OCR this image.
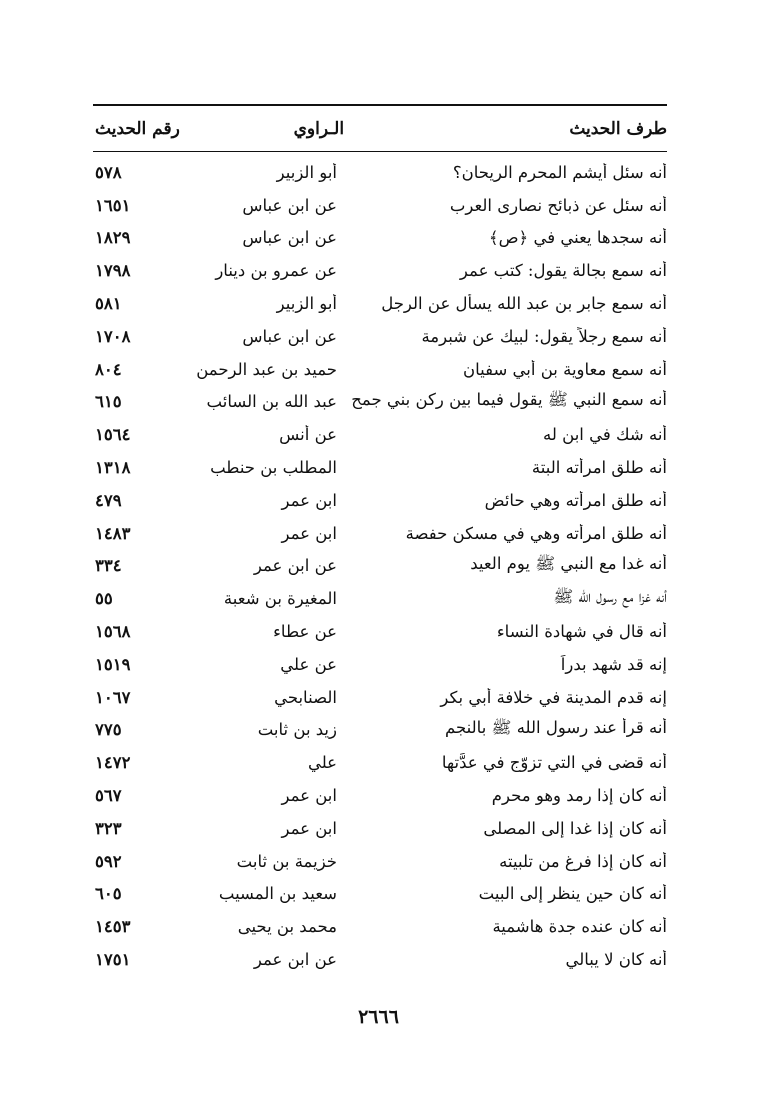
طرف الحديث
الـراوي
رقم الحديث
أنه سئل أيشم المحرم الريحان؟
أبو الزبير
٥٧٨
أنه سئل عن ذبائح نصارى العرب
عن ابن عباس
١٦٥١
أنه سجدها يعني في ﴿ص﴾
عن ابن عباس
١٨٢٩
أنه سمع بجالة يقول: كتب عمر
عن عمرو بن دينار
١٧٩٨
أنه سمع جابر بن عبد الله يسأل عن الرجل
أبو الزبير
٥٨١
أنه سمع رجلاً يقول: لبيك عن شبرمة
عن ابن عباس
١٧٠٨
أنه سمع معاوية بن أبي سفيان
حميد بن عبد الرحمن
٨٠٤
أنه سمع النبي ﷺ يقول فيما بين ركن بني جمح
عبد الله بن السائب
٦١٥
أنه شك في ابن له
عن أنس
١٥٦٤
أنه طلق امرأته البتة
المطلب بن حنطب
١٣١٨
أنه طلق امرأته وهي حائض
ابن عمر
٤٧٩
أنه طلق امرأته وهي في مسكن حفصة
ابن عمر
١٤٨٣
أنه غدا مع النبي ﷺ يوم العيد
عن ابن عمر
٣٣٤
أنه غزا مع رسول الله ﷺ
المغيرة بن شعبة
٥٥
أنه قال في شهادة النساء
عن عطاء
١٥٦٨
إنه قد شهد بدراً
عن علي
١٥١٩
إنه قدم المدينة في خلافة أبي بكر
الصنابحي
١٠٦٧
أنه قرأ عند رسول الله ﷺ بالنجم
زيد بن ثابت
٧٧٥
أنه قضى في التي تزوّج في عدَّتها
علي
١٤٧٢
أنه كان إذا رمد وهو محرم
ابن عمر
٥٦٧
أنه كان إذا غدا إلى المصلى
ابن عمر
٣٢٣
أنه كان إذا فرغ من تلبيته
خزيمة بن ثابت
٥٩٢
أنه كان حين ينظر إلى البيت
سعيد بن المسيب
٦٠٥
أنه كان عنده جدة هاشمية
محمد بن يحيى
١٤٥٣
أنه كان لا يبالي
عن ابن عمر
١٧٥١
٢٦٦٦
